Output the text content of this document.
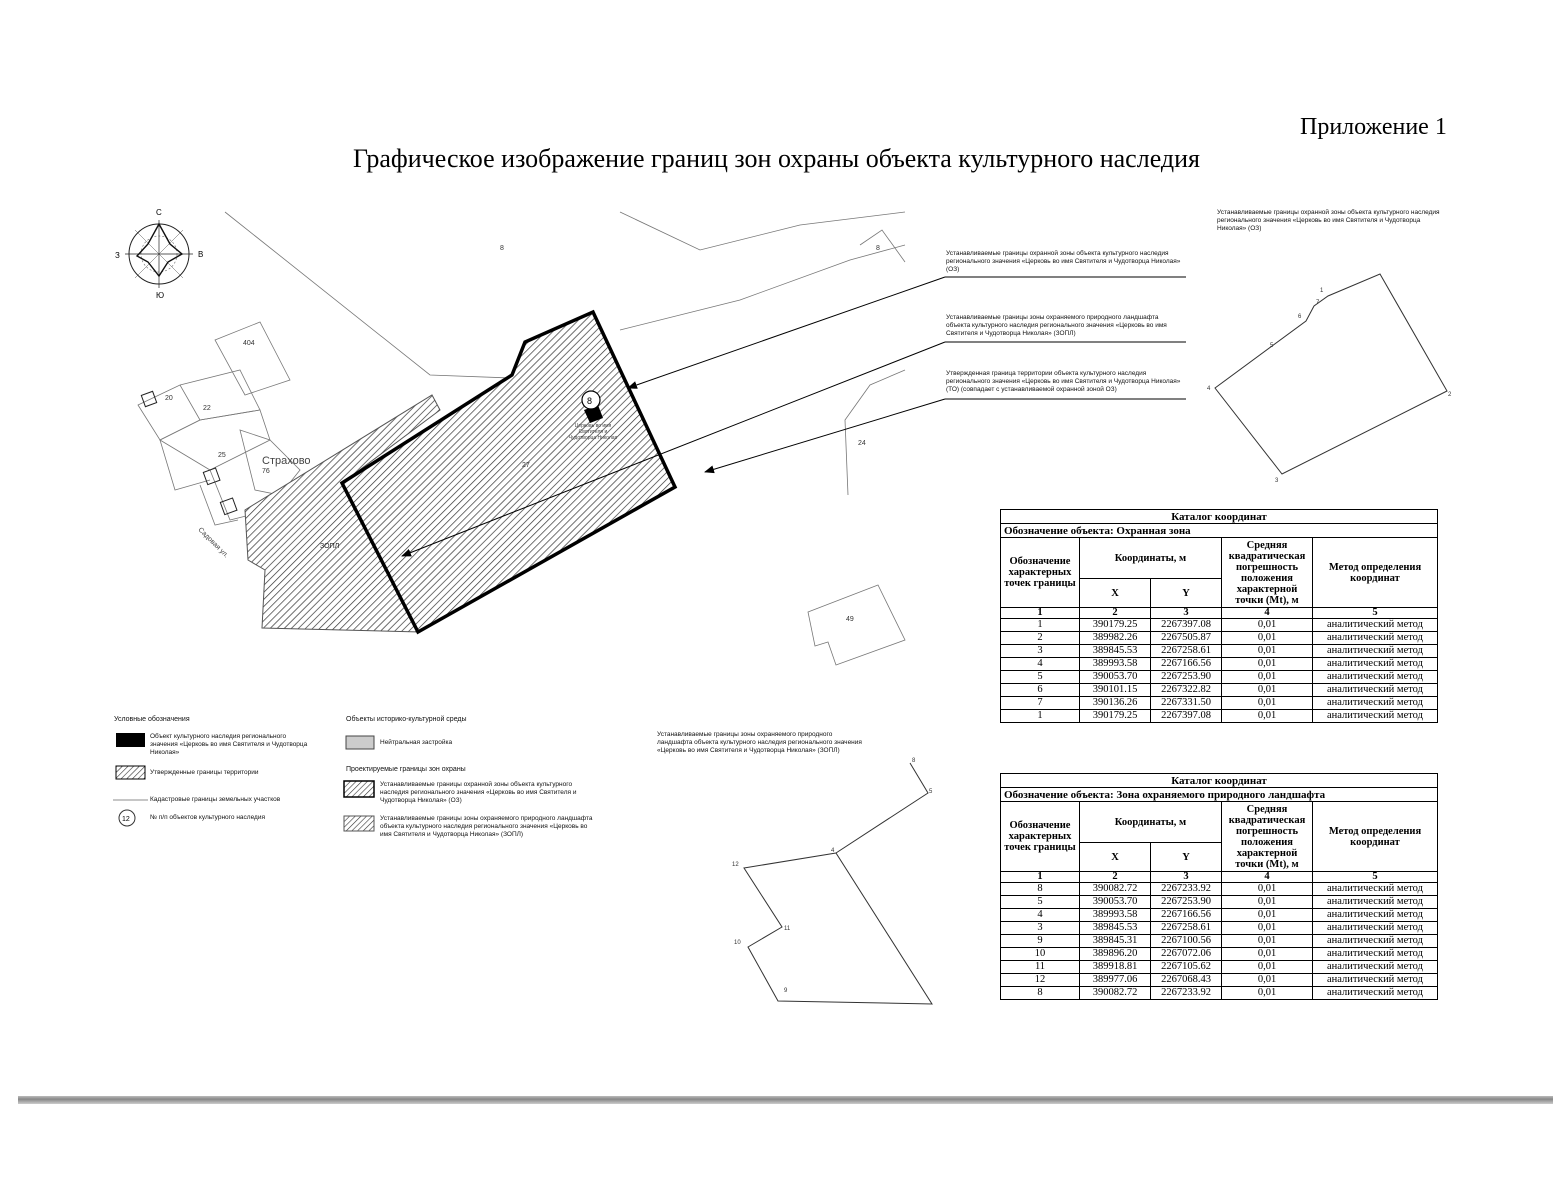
Приложение 1
Графическое изображение границ зон охраны объекта культурного наследия
С
Ю
В
З
8
404
20
22
25
76
24
49
8	8
27
Страхово
Садовая ул.	ЗОПЛ
1
2
3
4
5
6
7
8
5
4
9
10
11
12
12
Церковь во имя Святителя и Чудотворца Николая
Устанавливаемые границы охранной зоны объекта культурного наследия регионального значения «Церковь во имя Святителя и Чудотворца Николая» (ОЗ)
Устанавливаемые границы зоны охраняемого природного ландшафта объекта культурного наследия регионального значения «Церковь во имя Святителя и Чудотворца Николая» (ЗОПЛ)
Утвержденная граница территории объекта культурного наследия регионального значения «Церковь во имя Святителя и Чудотворца Николая» (ТО) (совпадает с устанавливаемой охранной зоной ОЗ)
Устанавливаемые границы охранной зоны объекта культурного наследия регионального значения «Церковь во имя Святителя и Чудотворца Николая» (ОЗ)
Устанавливаемые границы зоны охраняемого природного ландшафта объекта культурного наследия регионального значения «Церковь во имя Святителя и Чудотворца Николая» (ЗОПЛ)
Условные обозначения
Объект культурного наследия регионального значения «Церковь во имя Святителя и Чудотворца Николая»
Утвержденные границы территории
Кадастровые границы земельных участков
№ п/п объектов культурного наследия
Объекты историко-культурной среды
Нейтральная застройка
Проектируемые границы зон охраны
Устанавливаемые границы охранной зоны объекта культурного наследия регионального значения «Церковь во имя Святителя и Чудотворца Николая» (ОЗ)
Устанавливаемые границы зоны охраняемого природного ландшафта объекта культурного наследия регионального значения «Церковь во имя Святителя и Чудотворца Николая» (ЗОПЛ)
Каталог координат				
Обозначение объекта: Охранная зона				
Обозначение характерных точек границы	Координаты, м		Средняя квадратическая погрешность положения характерной точки (Mt), м	Метод определения координат
	X	Y		
1	2	3	4	5
1	390179.25	2267397.08	0,01	аналитический метод
2	389982.26	2267505.87	0,01	аналитический метод
3	389845.53	2267258.61	0,01	аналитический метод
4	389993.58	2267166.56	0,01	аналитический метод
5	390053.70	2267253.90	0,01	аналитический метод
6	390101.15	2267322.82	0,01	аналитический метод
7	390136.26	2267331.50	0,01	аналитический метод
1	390179.25	2267397.08	0,01	аналитический метод
Каталог координат				
Обозначение объекта: Зона охраняемого природного ландшафта				
Обозначение характерных точек границы	Координаты, м		Средняя квадратическая погрешность положения характерной точки (Mt), м	Метод определения координат
	X	Y		
1	2	3	4	5
8	390082.72	2267233.92	0,01	аналитический метод
5	390053.70	2267253.90	0,01	аналитический метод
4	389993.58	2267166.56	0,01	аналитический метод
3	389845.53	2267258.61	0,01	аналитический метод
9	389845.31	2267100.56	0,01	аналитический метод
10	389896.20	2267072.06	0,01	аналитический метод
11	389918.81	2267105.62	0,01	аналитический метод
12	389977.06	2267068.43	0,01	аналитический метод
8	390082.72	2267233.92	0,01	аналитический метод
